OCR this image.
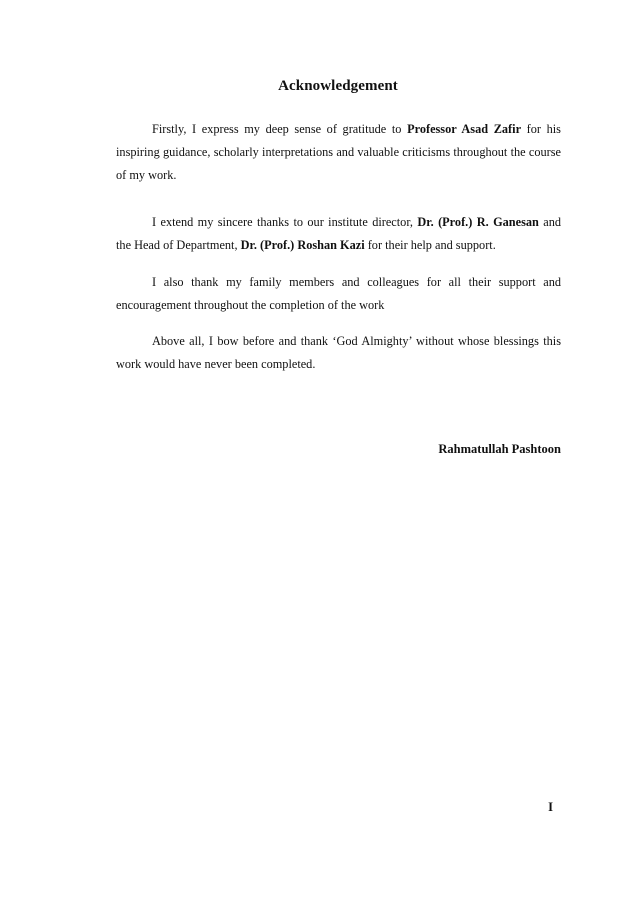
Acknowledgement

Firstly, I express my deep sense of gratitude to Professor Asad Zafir for his inspiring guidance, scholarly interpretations and valuable criticisms throughout the course of my work.

I extend my sincere thanks to our institute director, Dr. (Prof.) R. Ganesan and the Head of Department, Dr. (Prof.) Roshan Kazi for their help and support.

I also thank my family members and colleagues for all their support and encouragement throughout the completion of the work

Above all, I bow before and thank ‘God Almighty’ without whose blessings this work would have never been completed.

Rahmatullah Pashtoon

I
